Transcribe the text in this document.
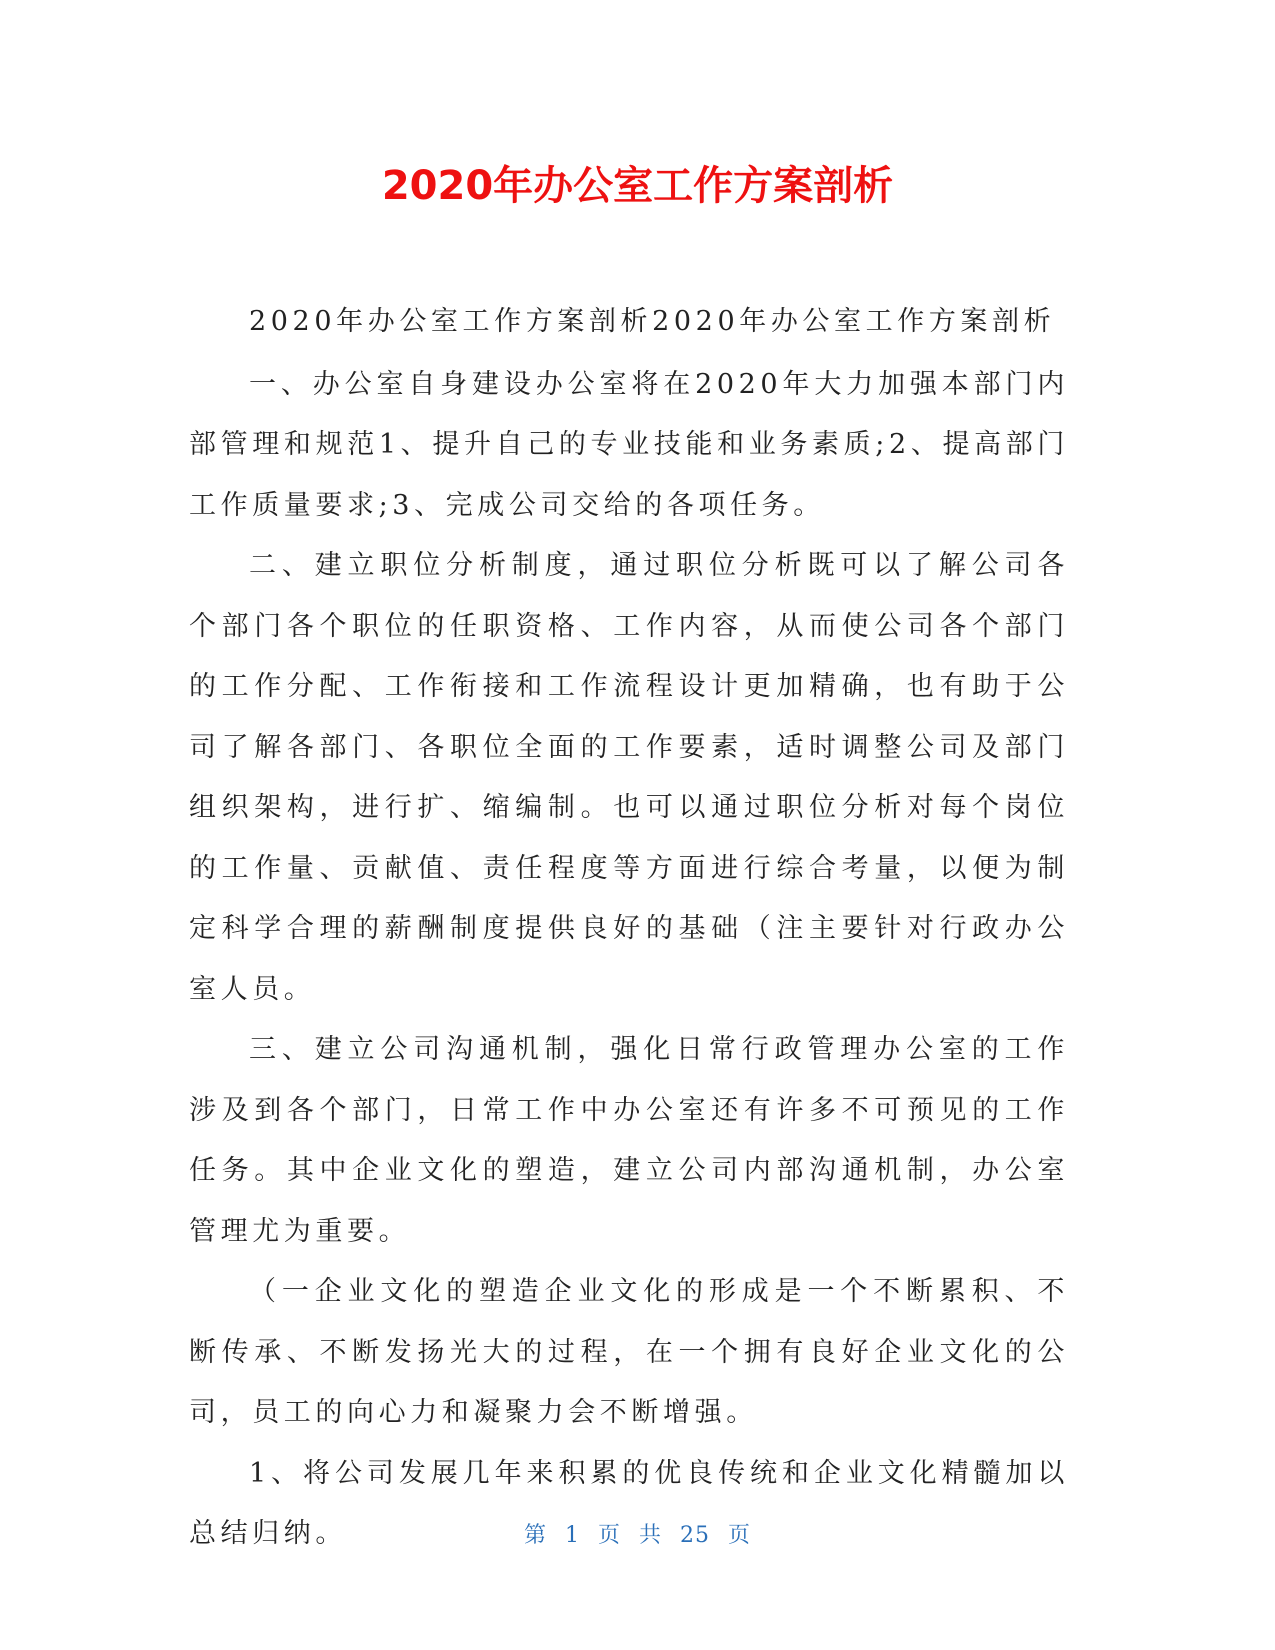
2020年办公室工作方案剖析

2020年办公室工作方案剖析2020年办公室工作方案剖析

一、办公室自身建设办公室将在2020年大力加强本部门内部管理和规范1、提升自己的专业技能和业务素质;2、提高部门工作质量要求;3、完成公司交给的各项任务。

二、建立职位分析制度，通过职位分析既可以了解公司各个部门各个职位的任职资格、工作内容，从而使公司各个部门的工作分配、工作衔接和工作流程设计更加精确，也有助于公司了解各部门、各职位全面的工作要素，适时调整公司及部门组织架构，进行扩、缩编制。也可以通过职位分析对每个岗位的工作量、贡献值、责任程度等方面进行综合考量，以便为制定科学合理的薪酬制度提供良好的基础（注主要针对行政办公室人员。

三、建立公司沟通机制，强化日常行政管理办公室的工作涉及到各个部门，日常工作中办公室还有许多不可预见的工作任务。其中企业文化的塑造，建立公司内部沟通机制，办公室管理尤为重要。

（一企业文化的塑造企业文化的形成是一个不断累积、不断传承、不断发扬光大的过程，在一个拥有良好企业文化的公司，员工的向心力和凝聚力会不断增强。

1、将公司发展几年来积累的优良传统和企业文化精髓加以总结归纳。	第 1 页 共 25 页
